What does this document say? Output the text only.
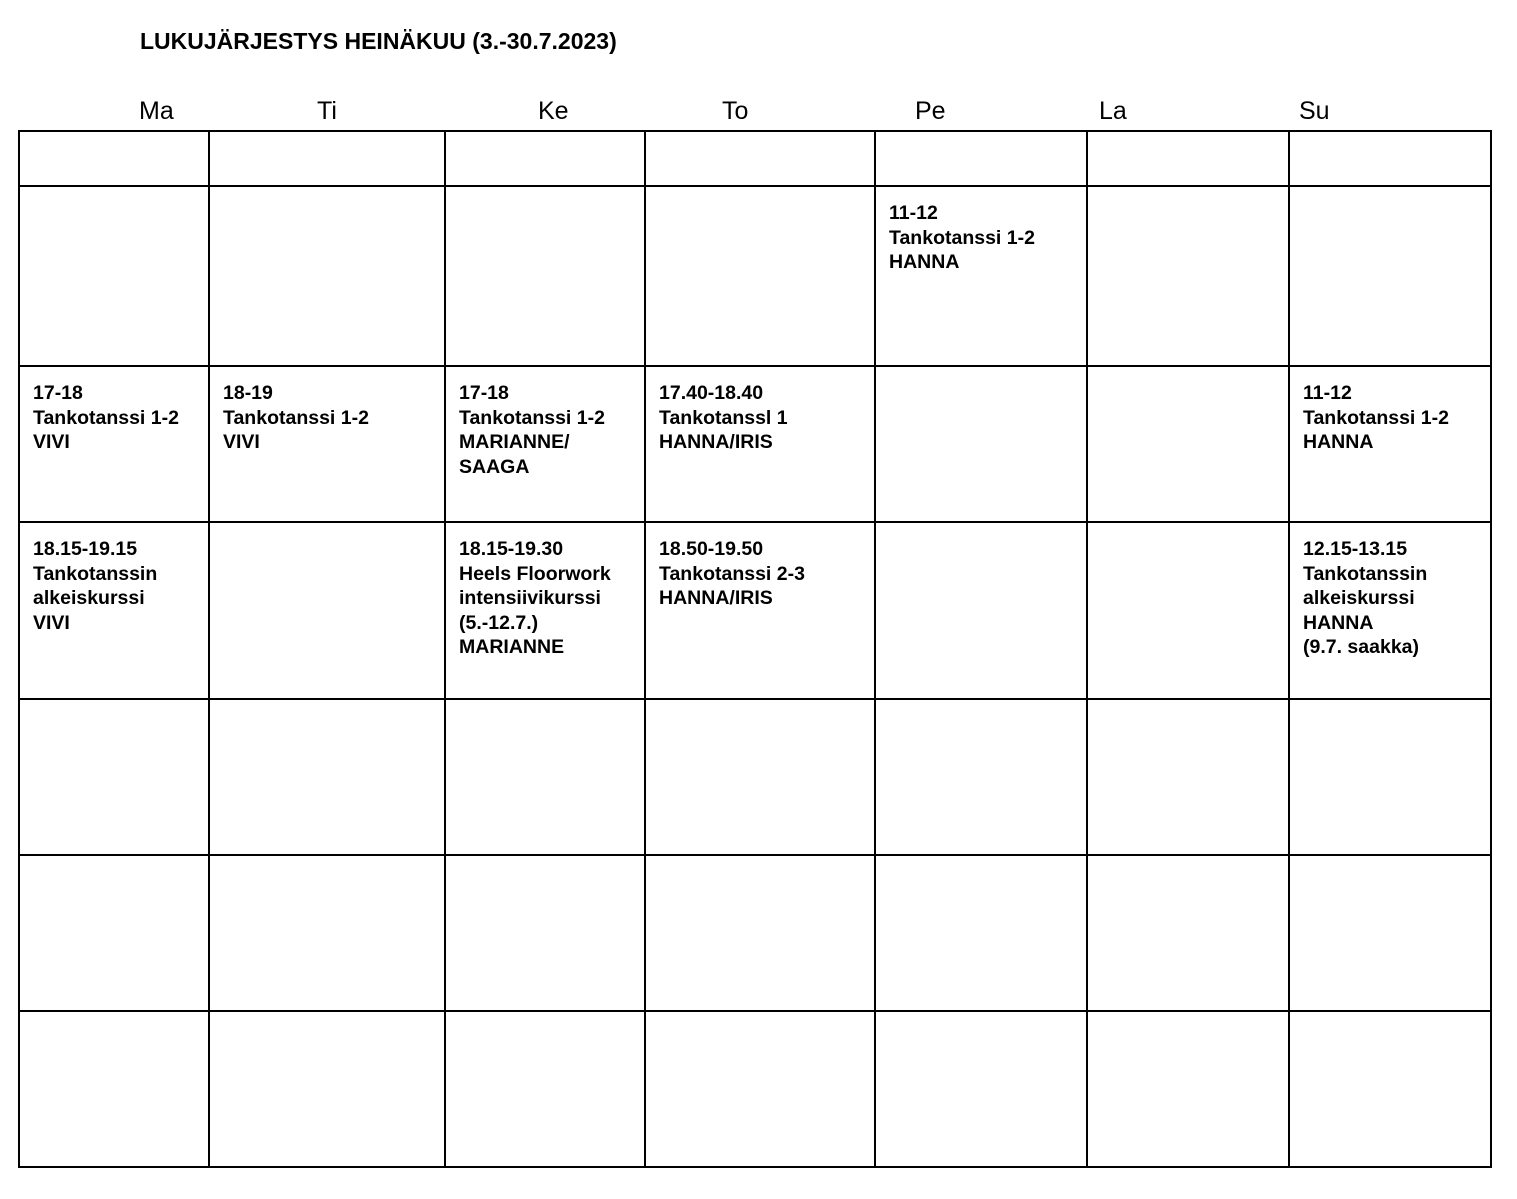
LUKUJÄRJESTYS HEINÄKUU (3.-30.7.2023)
Ma	Ti	Ke	To	Pe	La	Su

				11-12
Tankotanssi 1-2
HANNA		

17-18
Tankotanssi 1-2
VIVI	18-19
Tankotanssi 1-2
VIVI	17-18
Tankotanssi 1-2
MARIANNE/
SAAGA	17.40-18.40
Tankotanssl 1
HANNA/IRIS			11-12
Tankotanssi 1-2
HANNA

18.15-19.15
Tankotanssin
alkeiskurssi
VIVI		18.15-19.30
Heels Floorwork
intensiivikurssi
(5.-12.7.)
MARIANNE	18.50-19.50
Tankotanssi 2-3
HANNA/IRIS			12.15-13.15
Tankotanssin
alkeiskurssi
HANNA
(9.7. saakka)
